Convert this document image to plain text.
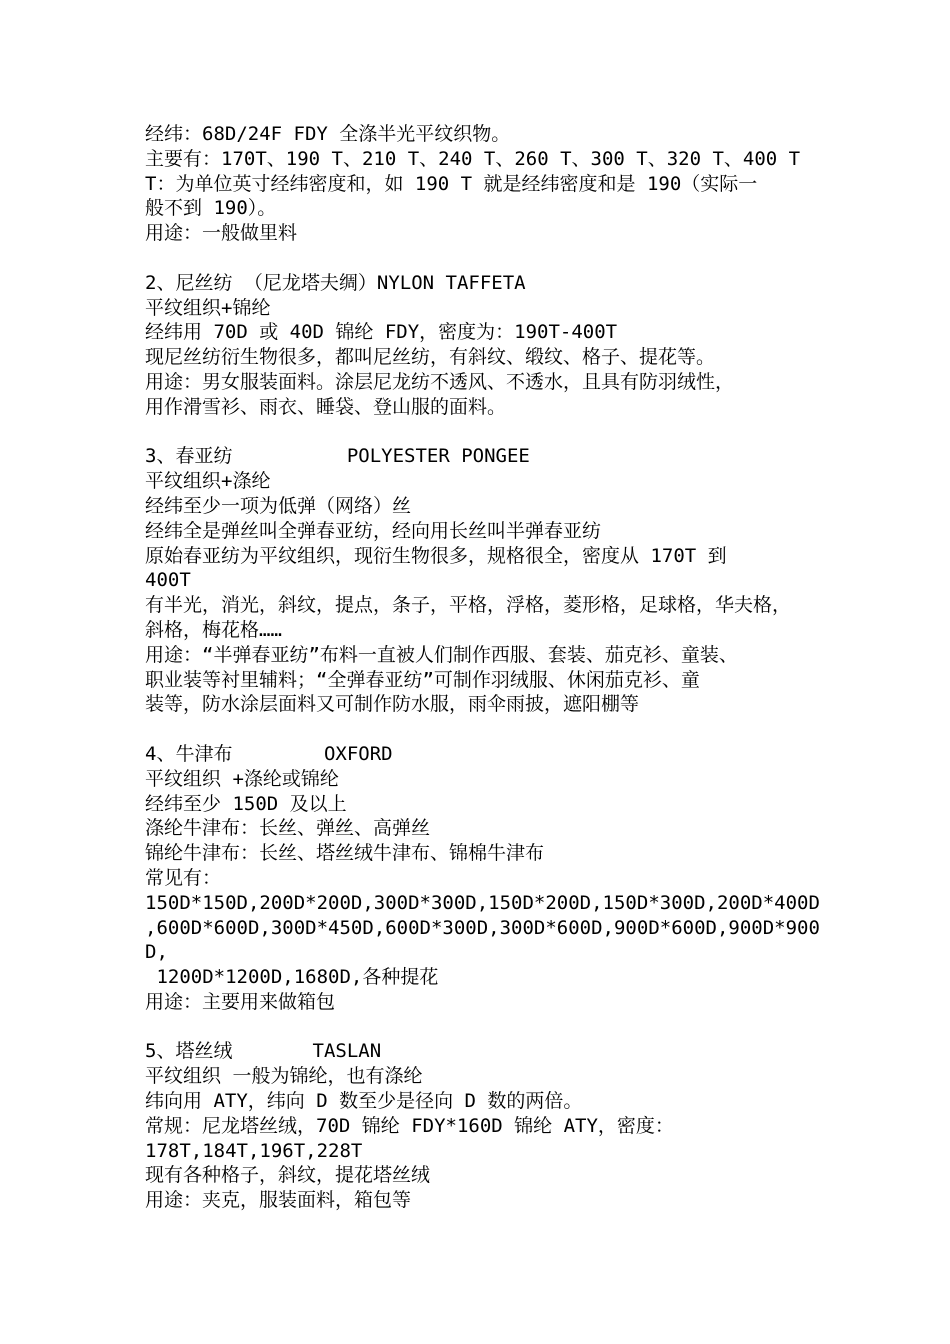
经纬：68D/24F FDY 全涤半光平纹织物。
主要有：170T、190 T、210 T、240 T、260 T、300 T、320 T、400 T
T：为单位英寸经纬密度和，如 190 T 就是经纬密度和是 190（实际一
般不到 190）。
用途：一般做里料
2、尼丝纺 （尼龙塔夫绸）NYLON TAFFETA
平纹组织+锦纶
经纬用 70D 或 40D 锦纶 FDY，密度为：190T-400T
现尼丝纺衍生物很多，都叫尼丝纺，有斜纹、缎纹、格子、提花等。
用途：男女服装面料。涂层尼龙纺不透风、不透水，且具有防羽绒性，
用作滑雪衫、雨衣、睡袋、登山服的面料。
3、春亚纺          POLYESTER PONGEE
平纹组织+涤纶
经纬至少一项为低弹（网络）丝
经纬全是弹丝叫全弹春亚纺，经向用长丝叫半弹春亚纺
原始春亚纺为平纹组织，现衍生物很多，规格很全，密度从 170T 到
400T
有半光，消光，斜纹，提点，条子，平格，浮格，菱形格，足球格，华夫格，
斜格，梅花格……
用途：“半弹春亚纺”布料一直被人们制作西服、套装、茄克衫、童装、
职业装等衬里辅料；“全弹春亚纺”可制作羽绒服、休闲茄克衫、童
装等，防水涂层面料又可制作防水服，雨伞雨披，遮阳棚等
4、牛津布        OXFORD
平纹组织 +涤纶或锦纶
经纬至少 150D 及以上
涤纶牛津布：长丝、弹丝、高弹丝
锦纶牛津布：长丝、塔丝绒牛津布、锦棉牛津布
常见有：
150D*150D,200D*200D,300D*300D,150D*200D,150D*300D,200D*400D
,600D*600D,300D*450D,600D*300D,300D*600D,900D*600D,900D*900
D,
1200D*1200D,1680D,各种提花
用途：主要用来做箱包
5、塔丝绒       TASLAN
平纹组织 一般为锦纶，也有涤纶
纬向用 ATY，纬向 D 数至少是径向 D 数的两倍。
常规：尼龙塔丝绒，70D 锦纶 FDY*160D 锦纶 ATY，密度：
178T,184T,196T,228T
现有各种格子，斜纹，提花塔丝绒
用途：夹克，服装面料，箱包等
